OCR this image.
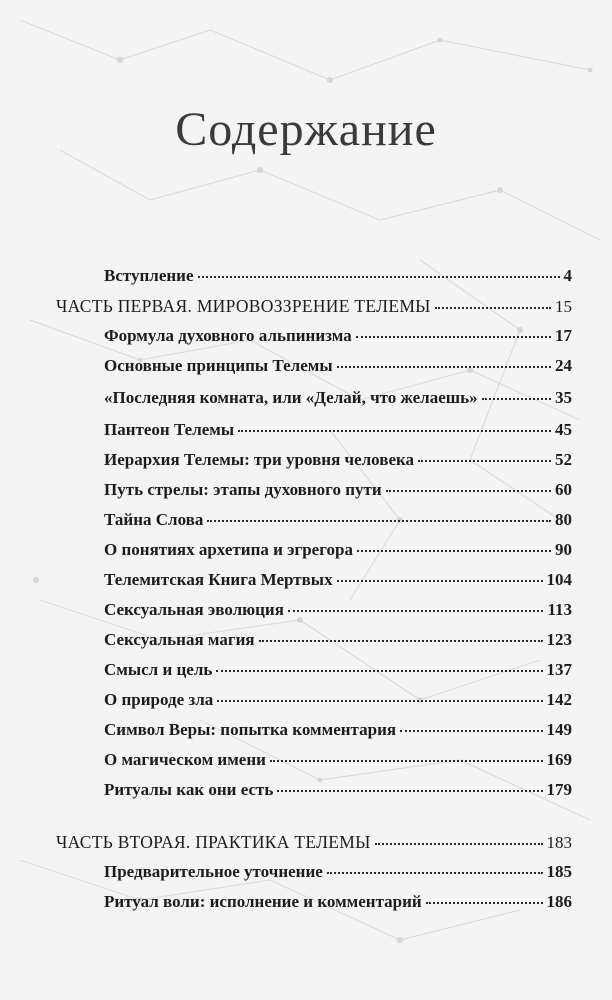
Содержание
Вступление	4
ЧАСТЬ ПЕРВАЯ. МИРОВОЗЗРЕНИЕ ТЕЛЕМЫ	15
Формула духовного альпинизма	17
Основные принципы Телемы	24
«Последняя комната, или «Делай, что желаешь»	35
Пантеон Телемы	45
Иерархия Телемы: три уровня человека	52
Путь стрелы: этапы духовного пути	60
Тайна Слова	80
О понятиях архетипа и эгрегора	90
Телемитская Книга Мертвых	104
Сексуальная эволюция	113
Сексуальная магия	123
Смысл и цель	137
О природе зла	142
Символ Веры: попытка комментария	149
О магическом имени	169
Ритуалы как они есть	179
ЧАСТЬ ВТОРАЯ. ПРАКТИКА ТЕЛЕМЫ	183
Предварительное уточнение	185
Ритуал воли: исполнение и комментарий	186
